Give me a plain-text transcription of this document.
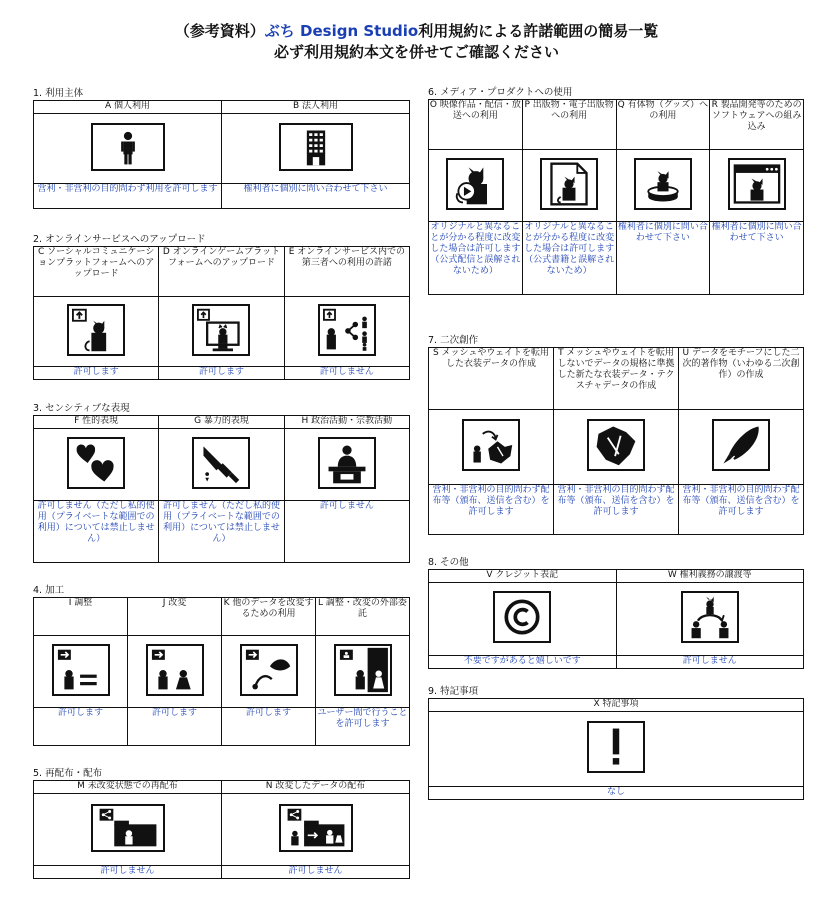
（参考資料）ぶち Design Studio利用規約による許諾範囲の簡易一覧
必ず利用規約本文を併せてご確認ください
1. 利用主体
A 個人利用	B 法人利用

営利・非営利の目的問わず利用を許可します	権利者に個別に問い合わせて下さい
2. オンラインサービスへのアップロード
C ソーシャルコミュニケーションプラットフォームへのアップロード	D オンラインゲームプラットフォームへのアップロード	E オンラインサービス内での第三者への利用の許諾

許可します	許可します	許可しません
3. センシティブな表現
F 性的表現	G 暴力的表現	H 政治活動・宗教活動

許可しません（ただし私的使用（プライベートな範囲での利用）については禁止しません）	許可しません（ただし私的使用（プライベートな範囲での利用）については禁止しません）	許可しません
4. 加工
I 調整	J 改変	K 他のデータを改変するための利用	L 調整・改変の外部委託

許可します	許可します	許可します	ユーザー間で行うことを許可します
5. 再配布・配布
M 未改変状態での再配布	N 改変したデータの配布

許可しません	許可しません
6. メディア・プロダクトへの使用
O 映像作品・配信・放送への利用	P 出版物・電子出版物への利用	Q 有体物（グッズ）への利用	R 製品開発等のためのソフトウェアへの組み込み

オリジナルと異なることが分かる程度に改変した場合は許可します（公式配信と誤解されないため）	オリジナルと異なることが分かる程度に改変した場合は許可します（公式書籍と誤解されないため）	権利者に個別に問い合わせて下さい	権利者に個別に問い合わせて下さい
7. 二次創作
S メッシュやウェイトを転用した衣装データの作成	T メッシュやウェイトを転用しないでデータの規格に準拠した新たな衣装データ・テクスチャデータの作成	U データをモチーフにした二次的著作物（いわゆる二次創作）の作成

営利・非営利の目的問わず配布等（頒布、送信を含む）を許可します	営利・非営利の目的問わず配布等（頒布、送信を含む）を許可します	営利・非営利の目的問わず配布等（頒布、送信を含む）を許可します
8. その他
V クレジット表記	W 権利義務の譲渡等

不要ですがあると嬉しいです	許可しません
9. 特記事項
X 特記事項

なし
